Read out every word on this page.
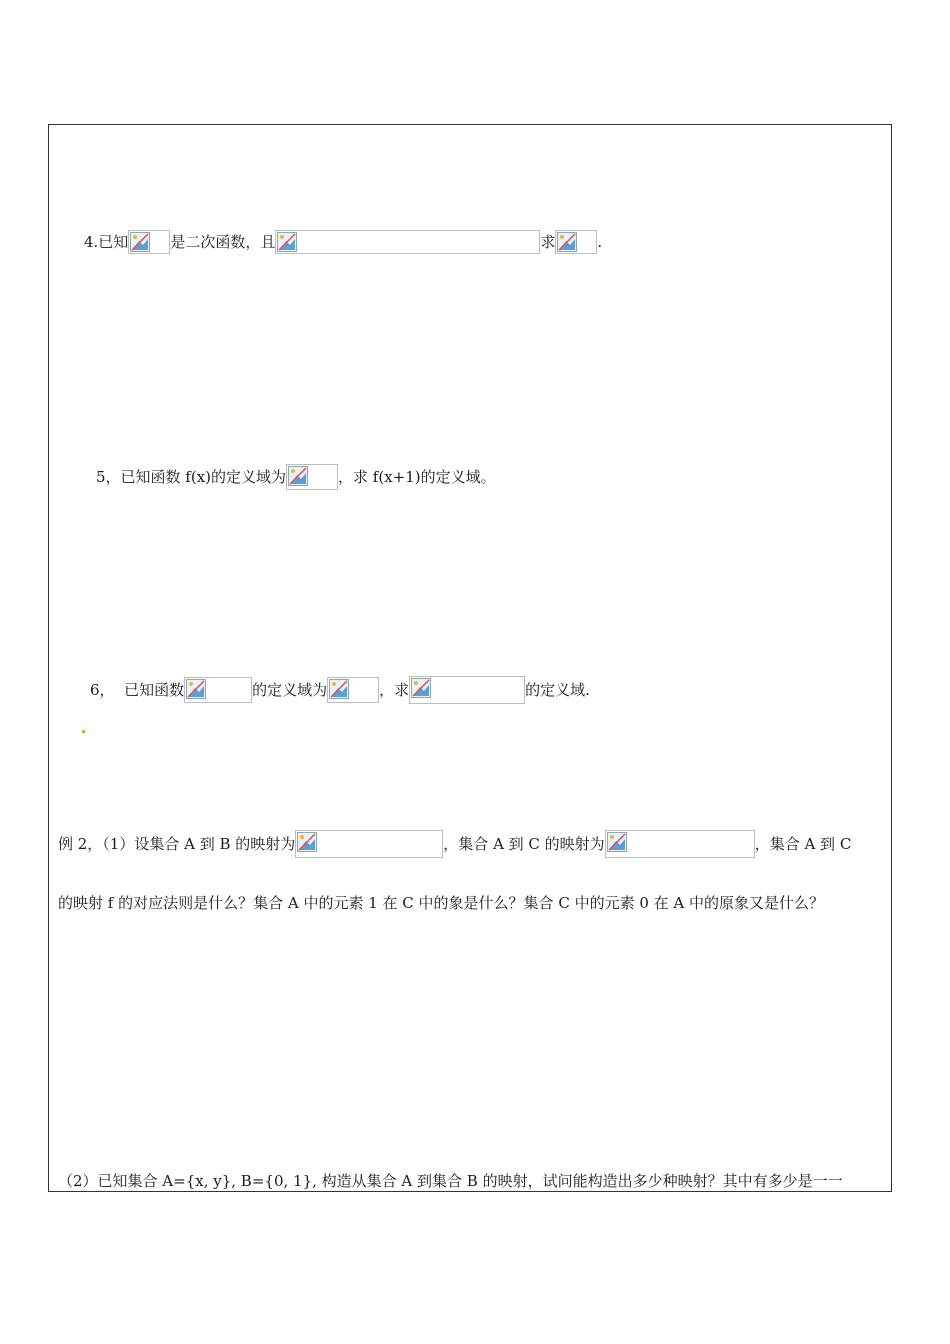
4.已知	是二次函数，且	求	.
5，已知函数 f(x)的定义域为	，求 f(x+1)的定义域。
6， 已知函数	的定义域为	，求	的定义域.
例 2，（1）设集合 A 到 B 的映射为	，集合 A 到 C 的映射为	，集合 A 到 C
的映射 f 的对应法则是什么？集合 A 中的元素 1 在 C 中的象是什么？集合 C 中的元素 0 在 A 中的原象又是什么？
（2）已知集合 A={x, y}, B={0, 1}, 构造从集合 A 到集合 B 的映射，试问能构造出多少种映射？其中有多少是一一
